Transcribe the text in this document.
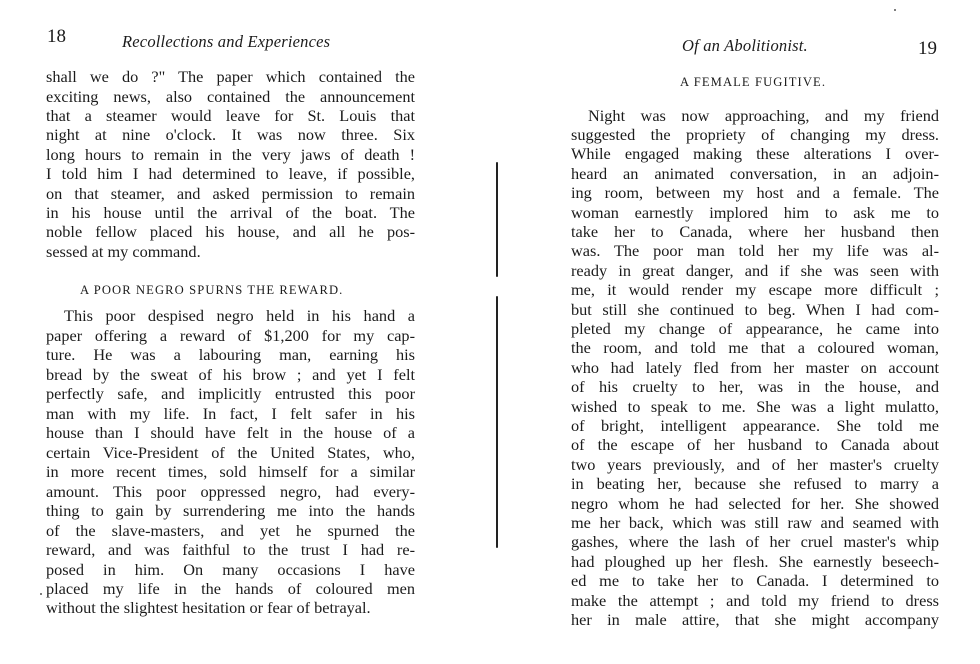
18	Recollections and Experiences
shall we do ?" The paper which contained the
exciting news, also contained the announcement
that a steamer would leave for St. Louis that
night at nine o'clock. It was now three. Six
long hours to remain in the very jaws of death !
I told him I had determined to leave, if possible,
on that steamer, and asked permission to remain
in his house until the arrival of the boat. The
noble fellow placed his house, and all he pos-
sessed at my command.
A POOR NEGRO SPURNS THE REWARD.
This poor despised negro held in his hand a
paper offering a reward of $1,200 for my cap-
ture. He was a labouring man, earning his
bread by the sweat of his brow ; and yet I felt
perfectly safe, and implicitly entrusted this poor
man with my life. In fact, I felt safer in his
house than I should have felt in the house of a
certain Vice-President of the United States, who,
in more recent times, sold himself for a similar
amount. This poor oppressed negro, had every-
thing to gain by surrendering me into the hands
of the slave-masters, and yet he spurned the
reward, and was faithful to the trust I had re-
posed in him. On many occasions I have
placed my life in the hands of coloured men
without the slightest hesitation or fear of betrayal.
Of an Abolitionist.	19
A FEMALE FUGITIVE.
Night was now approaching, and my friend
suggested the propriety of changing my dress.
While engaged making these alterations I over-
heard an animated conversation, in an adjoin-
ing room, between my host and a female. The
woman earnestly implored him to ask me to
take her to Canada, where her husband then
was. The poor man told her my life was al-
ready in great danger, and if she was seen with
me, it would render my escape more difficult ;
but still she continued to beg. When I had com-
pleted my change of appearance, he came into
the room, and told me that a coloured woman,
who had lately fled from her master on account
of his cruelty to her, was in the house, and
wished to speak to me. She was a light mulatto,
of bright, intelligent appearance. She told me
of the escape of her husband to Canada about
two years previously, and of her master's cruelty
in beating her, because she refused to marry a
negro whom he had selected for her. She showed
me her back, which was still raw and seamed with
gashes, where the lash of her cruel master's whip
had ploughed up her flesh. She earnestly beseech-
ed me to take her to Canada. I determined to
make the attempt ; and told my friend to dress
her in male attire, that she might accompany
